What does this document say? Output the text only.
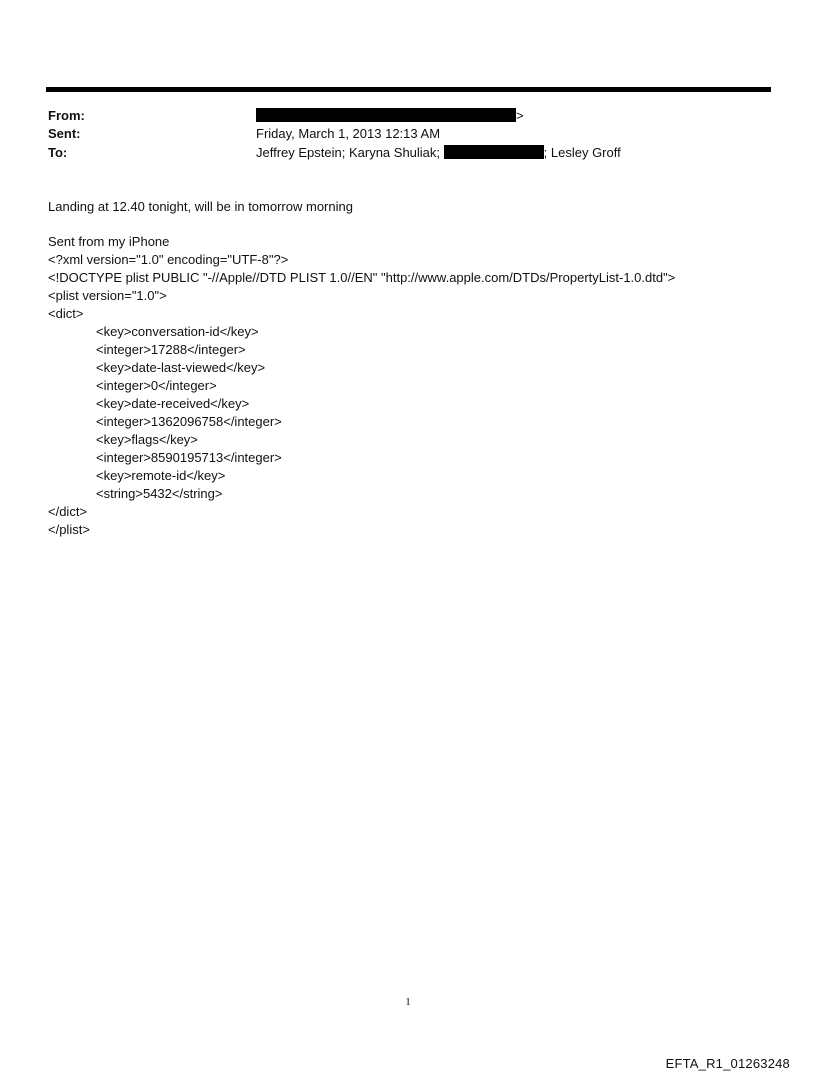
From:	>
Sent:	Friday, March 1, 2013 12:13 AM
To:	Jeffrey Epstein; Karyna Shuliak;	; Lesley Groff
Landing at 12.40 tonight, will be in tomorrow morning
Sent from my iPhone
<?xml version="1.0" encoding="UTF-8"?>
<!DOCTYPE plist PUBLIC "-//Apple//DTD PLIST 1.0//EN" "http://www.apple.com/DTDs/PropertyList-1.0.dtd">
<plist version="1.0">
<dict>
<key>conversation-id</key>
<integer>17288</integer>
<key>date-last-viewed</key>
<integer>0</integer>
<key>date-received</key>
<integer>1362096758</integer>
<key>flags</key>
<integer>8590195713</integer>
<key>remote-id</key>
<string>5432</string>
</dict>
</plist>
1
EFTA_R1_01263248
